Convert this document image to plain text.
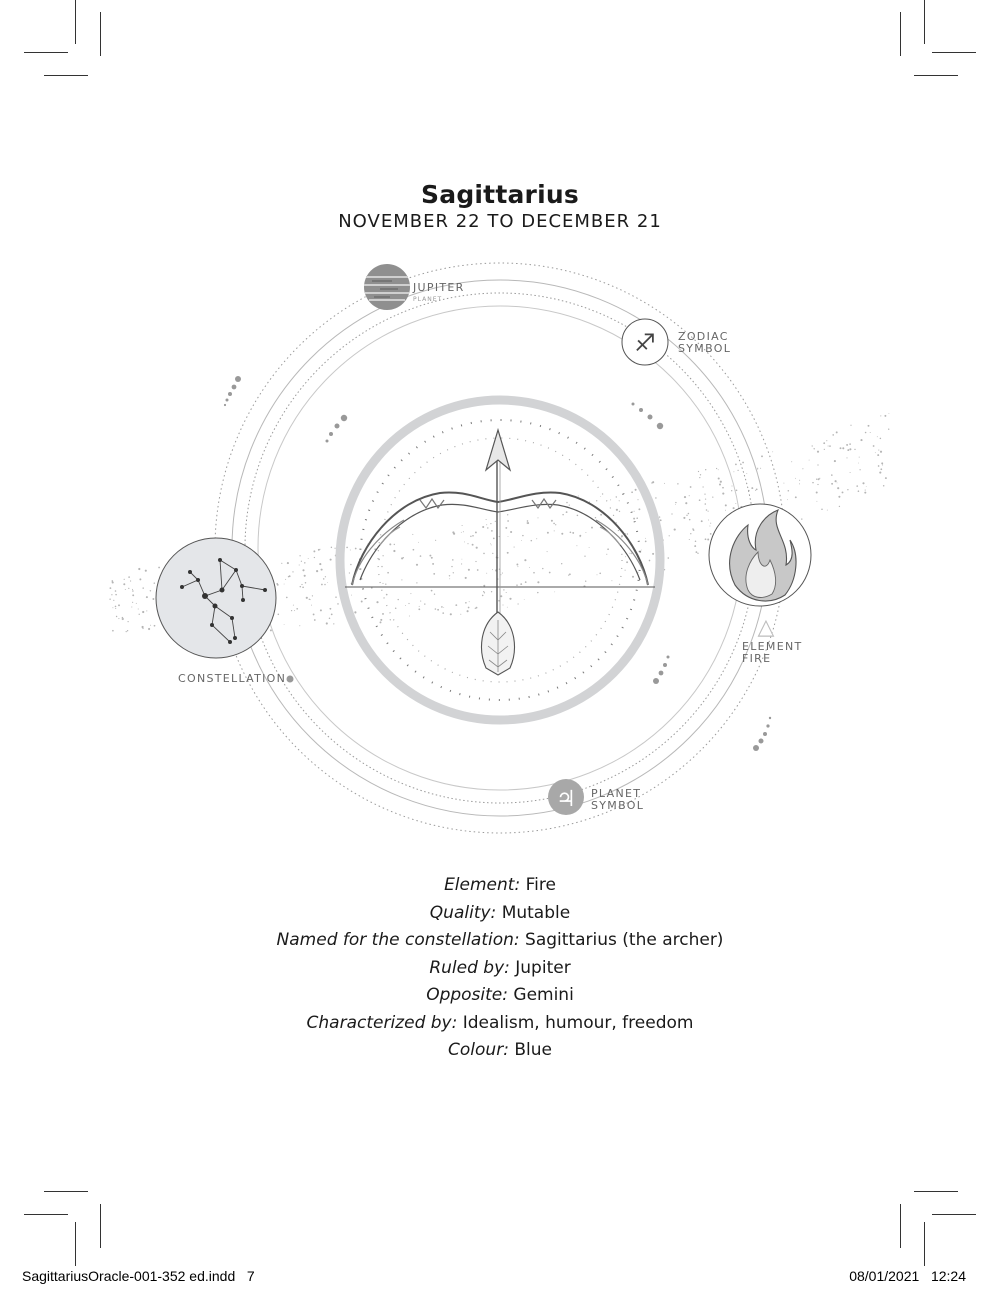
Sagittarius
NOVEMBER 22 TO DECEMBER 21
♐
△
♃
JUPITER
PLANET
ZODIAC
SYMBOL
ELEMENT
FIRE
CONSTELLATION
PLANET
SYMBOL
Element: Fire
Quality: Mutable
Named for the constellation: Sagittarius (the archer)
Ruled by: Jupiter
Opposite: Gemini
Characterized by: Idealism, humour, freedom
Colour: Blue
SagittariusOracle-001-352 ed.indd   7	08/01/2021   12:24
